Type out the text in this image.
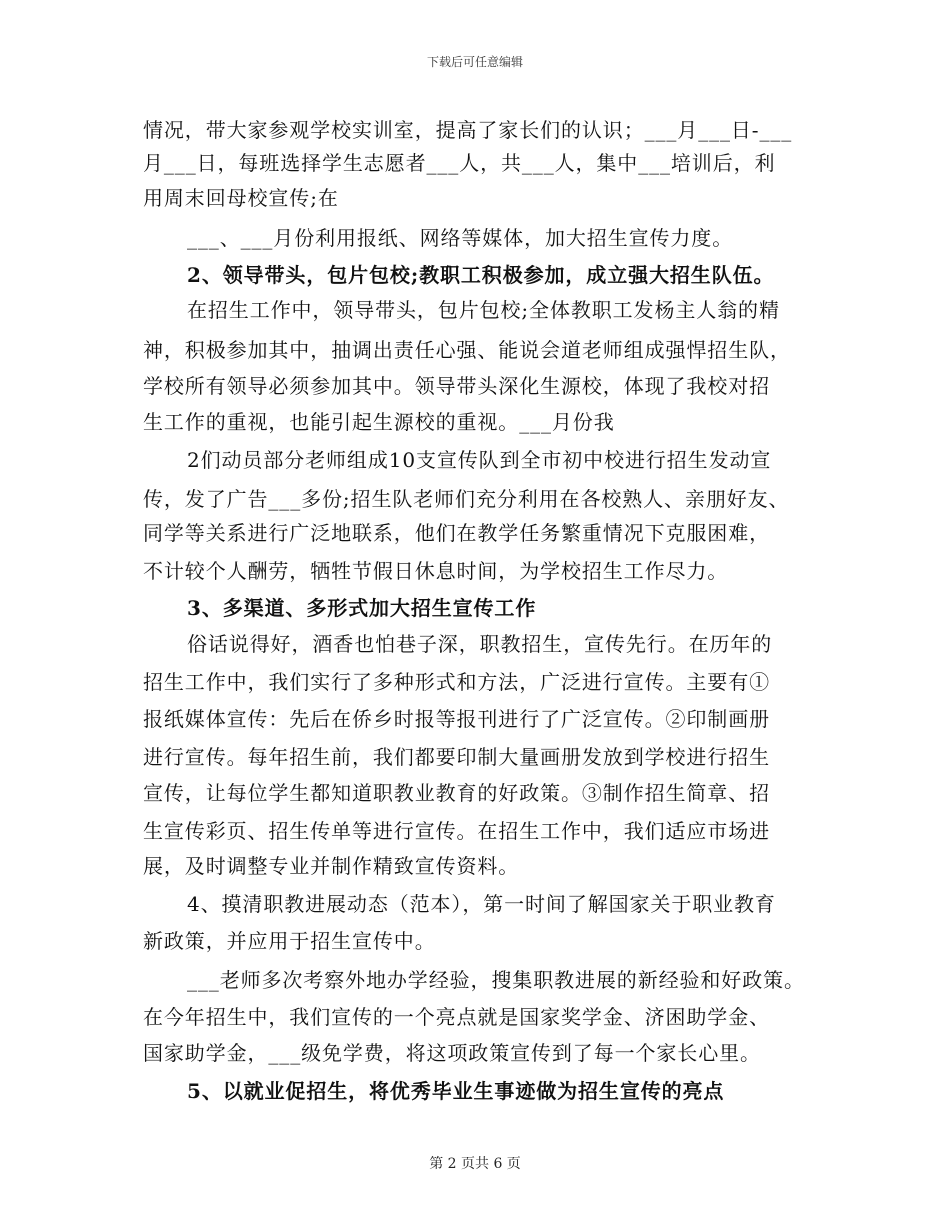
下载后可任意编辑
情况，带大家参观学校实训室，提高了家长们的认识；___月___日-___
月___日，每班选择学生志愿者___人，共___人，集中___培训后，利
用周末回母校宣传;在
___、___月份利用报纸、网络等媒体，加大招生宣传力度。
2、领导带头，包片包校;教职工积极参加，成立强大招生队伍。
在招生工作中，领导带头，包片包校;全体教职工发杨主人翁的精
神，积极参加其中，抽调出责任心强、能说会道老师组成强悍招生队，
学校所有领导必须参加其中。领导带头深化生源校，体现了我校对招
生工作的重视，也能引起生源校的重视。___月份我
2们动员部分老师组成10支宣传队到全市初中校进行招生发动宣
传，发了广告___多份;招生队老师们充分利用在各校熟人、亲朋好友、
同学等关系进行广泛地联系，他们在教学任务繁重情况下克服困难，
不计较个人酬劳，牺牲节假日休息时间，为学校招生工作尽力。
3、多渠道、多形式加大招生宣传工作
俗话说得好，酒香也怕巷子深，职教招生，宣传先行。在历年的
招生工作中，我们实行了多种形式和方法，广泛进行宣传。主要有①
报纸媒体宣传：先后在侨乡时报等报刊进行了广泛宣传。②印制画册
进行宣传。每年招生前，我们都要印制大量画册发放到学校进行招生
宣传，让每位学生都知道职教业教育的好政策。③制作招生简章、招
生宣传彩页、招生传单等进行宣传。在招生工作中，我们适应市场进
展，及时调整专业并制作精致宣传资料。
4、摸清职教进展动态（范本），第一时间了解国家关于职业教育
新政策，并应用于招生宣传中。
___老师多次考察外地办学经验，搜集职教进展的新经验和好政策。
在今年招生中，我们宣传的一个亮点就是国家奖学金、济困助学金、
国家助学金，___级免学费，将这项政策宣传到了每一个家长心里。
5、以就业促招生，将优秀毕业生事迹做为招生宣传的亮点
第 2 页共 6 页
